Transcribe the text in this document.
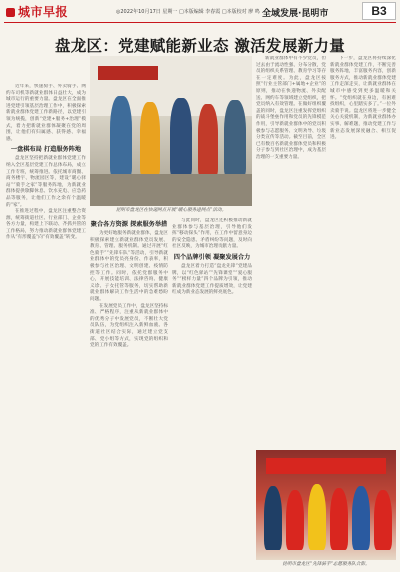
城市早报	◎2022年10月17日 星期一 □本版编辑 李春霞 □本版校对 廖 鸣 全域发展·昆明市	B3
盘龙区：党建赋能新业态 激活发展新力量

近年来，快递骑手、外卖骑手、网约车司机等新就业群体日益壮大，成为城市运行的重要力量。盘龙区在全面推进党建引领基层治理工作中，积极探索新就业群体党建工作新路径，以党建引领为统揽，创新“党建+服务+治理”模式，着力把新就业群体凝聚在党的周围，让他们有归属感、获得感、幸福感。

一盘棋布局 打造服务阵地

盘龙区坚持把新就业群体党建工作纳入全区基层党建工作总体布局，成立工作专班，统筹推进。依托城市商圈、商务楼宇、物流园区等，建设“暖心驿站”“骑手之家”等服务阵地，为新就业群体提供歇脚休息、饮水充电、应急药品等服务，让他们工作之余有个温暖的“家”。

在推进过程中，盘龙区注重整合资源，统筹街道社区、行业部门、企业等各方力量，构建上下联动、齐抓共管的工作格局，努力推动新就业群体党建工作从“有形覆盖”向“有效覆盖”转变。

昆明市盘龙区在快递网点开展“暖心服务进网点”活动。
聚合各方资源 探索服务举措

为更好地服务新就业群体，盘龙区积极探索建立新就业群体党员发展、教育、管理、服务机制。通过开展“红色骑手”“先锋车队”等活动，引导新就业群体中的党员亮身份、作表率，积极参与社区治理、文明创建、疫情防控等工作。同时，依托党群服务中心，开展技能培训、法律咨询、健康义诊、子女托管等服务，切实帮助新就业群体解决工作生活中的急难愁盼问题。

在发展党员工作中，盘龙区坚持标准、严格程序，注重从新就业群体中的优秀分子中发展党员，不断壮大党员队伍，为党组织注入新鲜血液。各街道社区结合实际，通过建立党支部、党小组等方式，实现党的组织和党的工作有效覆盖。

与此同时，盘龙区还积极推动新就业群体参与基层治理，引导他们发挥“移动探头”作用，在工作中留意身边的安全隐患、矛盾纠纷等问题，及时向社区反映，为城市治理贡献力量。

四个品牌引领 凝聚发展合力

盘龙区着力打造“盘龙先锋”党建品牌，以“红色驿站”“先锋课堂”“爱心服务”“榜样力量”四个品牌为引领，推动新就业群体党建工作提质增效，让党建红成为新业态发展的鲜亮底色。

新就业群体中有不少党员，但过去由于流动性强、分布分散，党员的组织关系管理、教育学习等存在一定难度。为此，盘龙区按照“行业主管部门+属地+企业”的原则，推动在快递物流、外卖配送、网约车等领域建立党组织，把党员纳入有效管理。在做好组织覆盖的同时，盘龙区注重发挥党组织的战斗堡垒作用和党员的先锋模范作用，引导新就业群体中的党员积极参与志愿服务、文明劝导、垃圾分类宣传等活动。截至目前，全区已有数百名新就业群体党员和积极分子参与到社区治理中，成为基层治理的一支重要力量。

下一步，盘龙区将持续深化新就业群体党建工作，不断完善服务阵地，丰富服务内容，创新服务方式，推动新就业群体党建工作走深走实，让新就业群体在城市中感受到更多温暖和关怀。“党组织就在身边，有困难找组织，心里踏实多了。”一位外卖骑手说。盘龙区将进一步健全关心关爱机制，为新就业群体办实事、解难题，推动党建工作与新业态发展深度融合、相互促进。

昆明市盘龙区“先锋骑手”志愿服务队合影。
